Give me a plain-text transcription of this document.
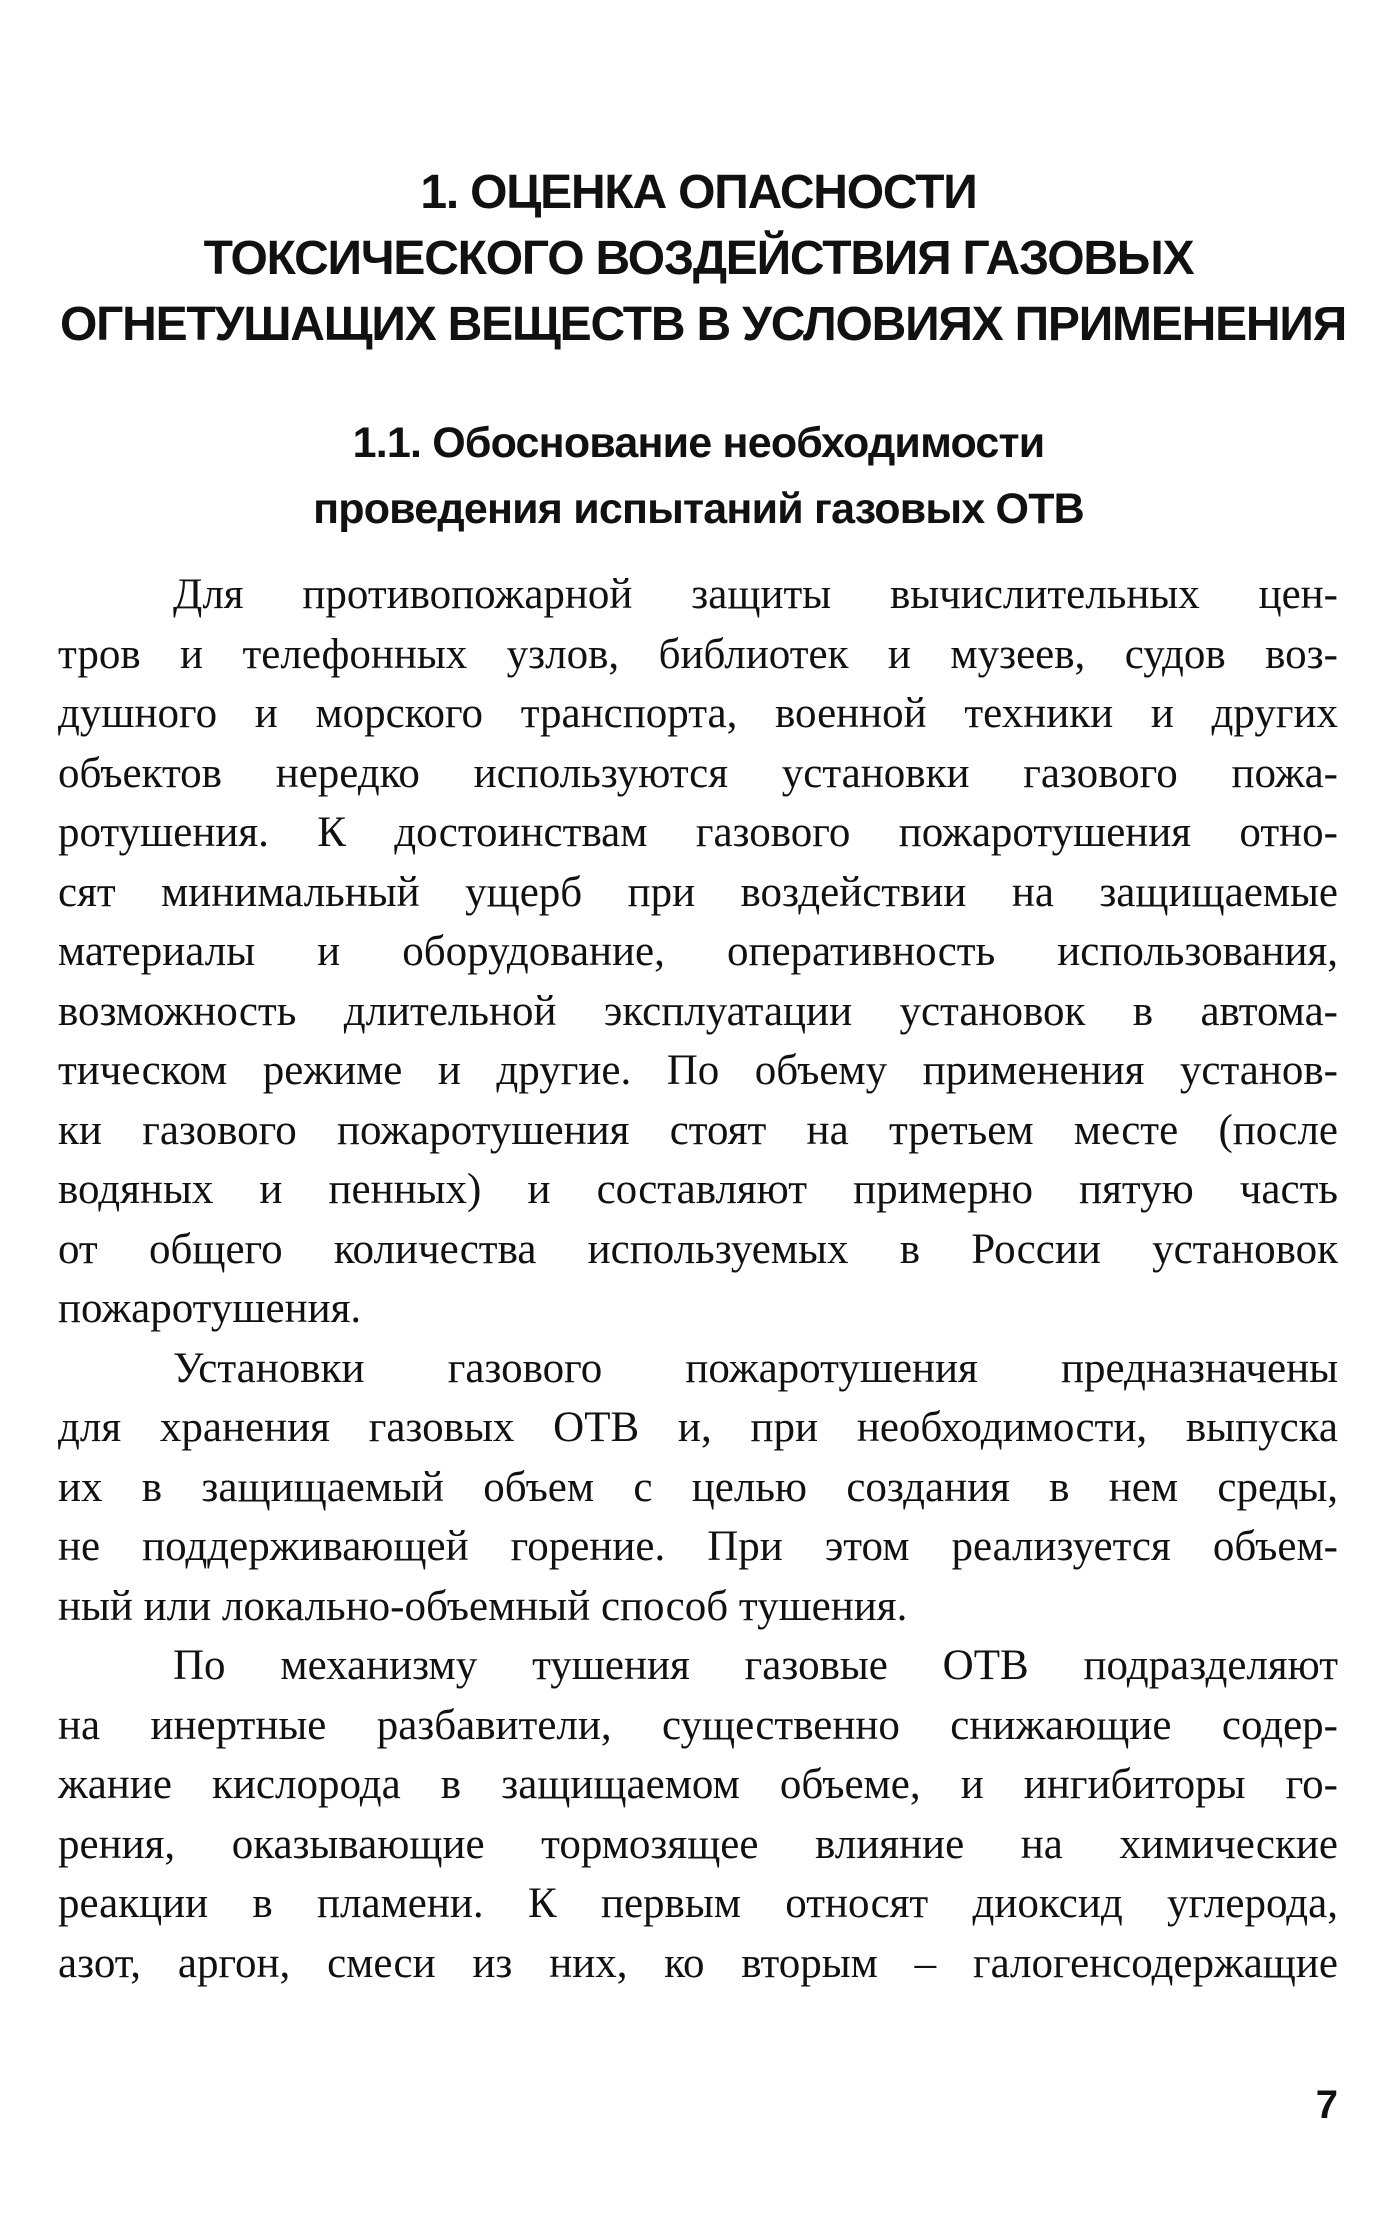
1. ОЦЕНКА ОПАСНОСТИ
ТОКСИЧЕСКОГО ВОЗДЕЙСТВИЯ ГАЗОВЫХ
ОГНЕТУШАЩИХ ВЕЩЕСТВ В УСЛОВИЯХ ПРИМЕНЕНИЯ
1.1. Обоснование необходимости
проведения испытаний газовых ОТВ
Для противопожарной защиты вычислительных цен-
тров и телефонных узлов, библиотек и музеев, судов воз-
душного и морского транспорта, военной техники и других
объектов нередко используются установки газового пожа-
ротушения. К достоинствам газового пожаротушения отно-
сят минимальный ущерб при воздействии на защищаемые
материалы и оборудование, оперативность использования,
возможность длительной эксплуатации установок в автома-
тическом режиме и другие. По объему применения установ-
ки газового пожаротушения стоят на третьем месте (после
водяных и пенных) и составляют примерно пятую часть
от общего количества используемых в России установок
пожаротушения.
Установки газового пожаротушения предназначены
для хранения газовых ОТВ и, при необходимости, выпуска
их в защищаемый объем с целью создания в нем среды,
не поддерживающей горение. При этом реализуется объем-
ный или локально-объемный способ тушения.
По механизму тушения газовые ОТВ подразделяют
на инертные разбавители, существенно снижающие содер-
жание кислорода в защищаемом объеме, и ингибиторы го-
рения, оказывающие тормозящее влияние на химические
реакции в пламени. К первым относят диоксид углерода,
азот, аргон, смеси из них, ко вторым – галогенсодержащие
7
